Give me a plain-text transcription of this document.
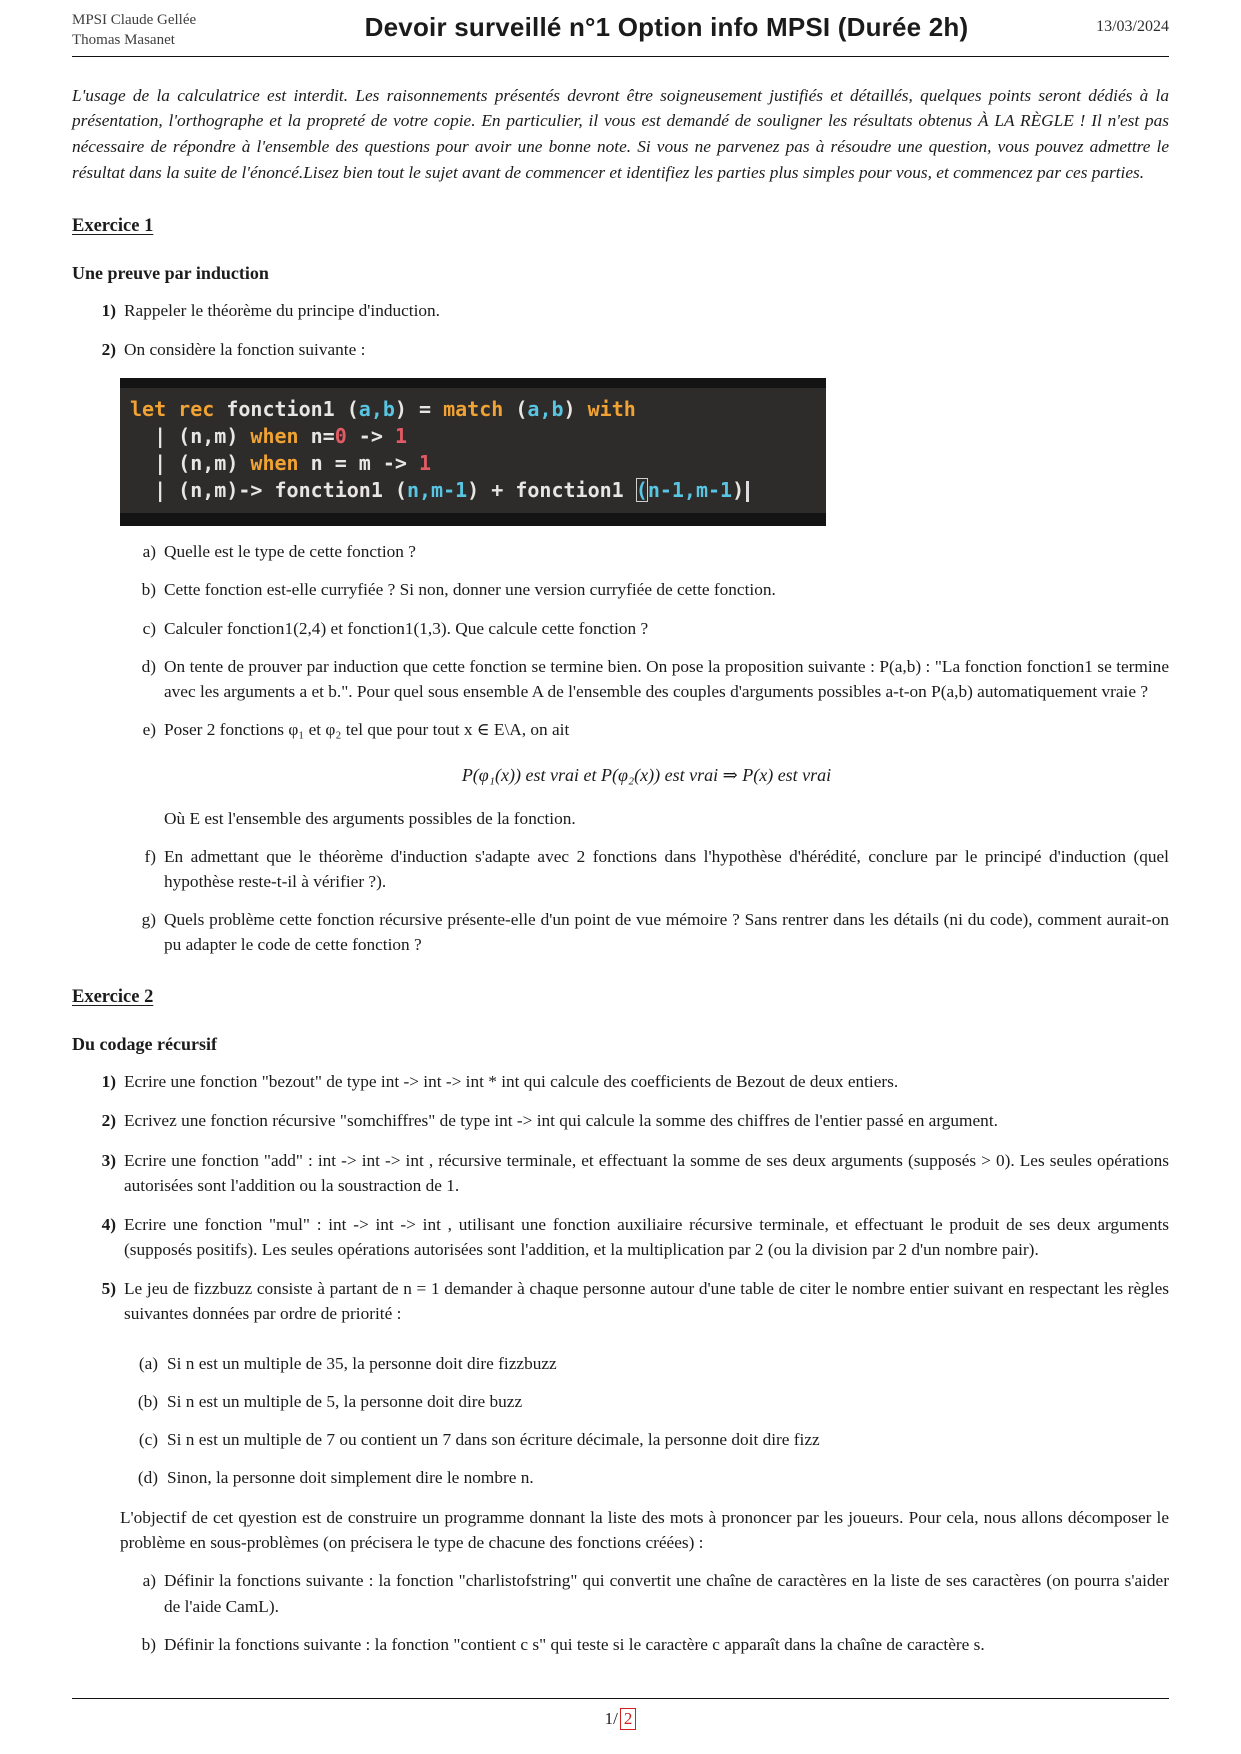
MPSI Claude Gellée
Thomas Masanet	Devoir surveillé n°1 Option info MPSI (Durée 2h)	13/03/2024

L'usage de la calculatrice est interdit. Les raisonnements présentés devront être soigneusement justifiés et détaillés, quelques points seront dédiés à la présentation, l'orthographe et la propreté de votre copie. En particulier, il vous est demandé de souligner les résultats obtenus À LA RÈGLE ! Il n'est pas nécessaire de répondre à l'ensemble des questions pour avoir une bonne note. Si vous ne parvenez pas à résoudre une question, vous pouvez admettre le résultat dans la suite de l'énoncé.Lisez bien tout le sujet avant de commencer et identifiez les parties plus simples pour vous, et commencez par ces parties.

Exercice 1
Une preuve par induction
1) Rappeler le théorème du principe d'induction.
2) On considère la fonction suivante :
let rec fonction1 (a,b) = match (a,b) with
| (n,m) when n=0 -> 1
| (n,m) when n = m -> 1
| (n,m)-> fonction1 (n,m-1) + fonction1 (n-1,m-1)
a) Quelle est le type de cette fonction ?
b) Cette fonction est-elle curryfiée ? Si non, donner une version curryfiée de cette fonction.
c) Calculer fonction1(2,4) et fonction1(1,3). Que calcule cette fonction ?
d) On tente de prouver par induction que cette fonction se termine bien. On pose la proposition suivante : P(a,b) : "La fonction fonction1 se termine avec les arguments a et b.". Pour quel sous ensemble A de l'ensemble des couples d'arguments possibles a-t-on P(a,b) automatiquement vraie ?
e) Poser 2 fonctions φ₁ et φ₂ tel que pour tout x ∈ E\A, on ait
P(φ₁(x)) est vrai et P(φ₂(x)) est vrai ⇒ P(x) est vrai
Où E est l'ensemble des arguments possibles de la fonction.
f) En admettant que le théorème d'induction s'adapte avec 2 fonctions dans l'hypothèse d'hérédité, conclure par le principé d'induction (quel hypothèse reste-t-il à vérifier ?).
g) Quels problème cette fonction récursive présente-elle d'un point de vue mémoire ? Sans rentrer dans les détails (ni du code), comment aurait-on pu adapter le code de cette fonction ?
Exercice 2
Du codage récursif
1) Ecrire une fonction "bezout" de type int -> int -> int * int qui calcule des coefficients de Bezout de deux entiers.
2) Ecrivez une fonction récursive "somchiffres" de type int -> int qui calcule la somme des chiffres de l'entier passé en argument.
3) Ecrire une fonction "add" : int -> int -> int , récursive terminale, et effectuant la somme de ses deux arguments (supposés > 0). Les seules opérations autorisées sont l'addition ou la soustraction de 1.
4) Ecrire une fonction "mul" : int -> int -> int , utilisant une fonction auxiliaire récursive terminale, et effectuant le produit de ses deux arguments (supposés positifs). Les seules opérations autorisées sont l'addition, et la multiplication par 2 (ou la division par 2 d'un nombre pair).
5) Le jeu de fizzbuzz consiste à partant de n = 1 demander à chaque personne autour d'une table de citer le nombre entier suivant en respectant les règles suivantes données par ordre de priorité :
(a) Si n est un multiple de 35, la personne doit dire fizzbuzz
(b) Si n est un multiple de 5, la personne doit dire buzz
(c) Si n est un multiple de 7 ou contient un 7 dans son écriture décimale, la personne doit dire fizz
(d) Sinon, la personne doit simplement dire le nombre n.

L'objectif de cet qyestion est de construire un programme donnant la liste des mots à prononcer par les joueurs. Pour cela, nous allons décomposer le problème en sous-problèmes (on précisera le type de chacune des fonctions créées) :

a) Définir la fonctions suivante : la fonction "charlistofstring" qui convertit une chaîne de caractères en la liste de ses caractères (on pourra s'aider de l'aide CamL).
b) Définir la fonctions suivante : la fonction "contient c s" qui teste si le caractère c apparaît dans la chaîne de caractère s.
1/ 2
